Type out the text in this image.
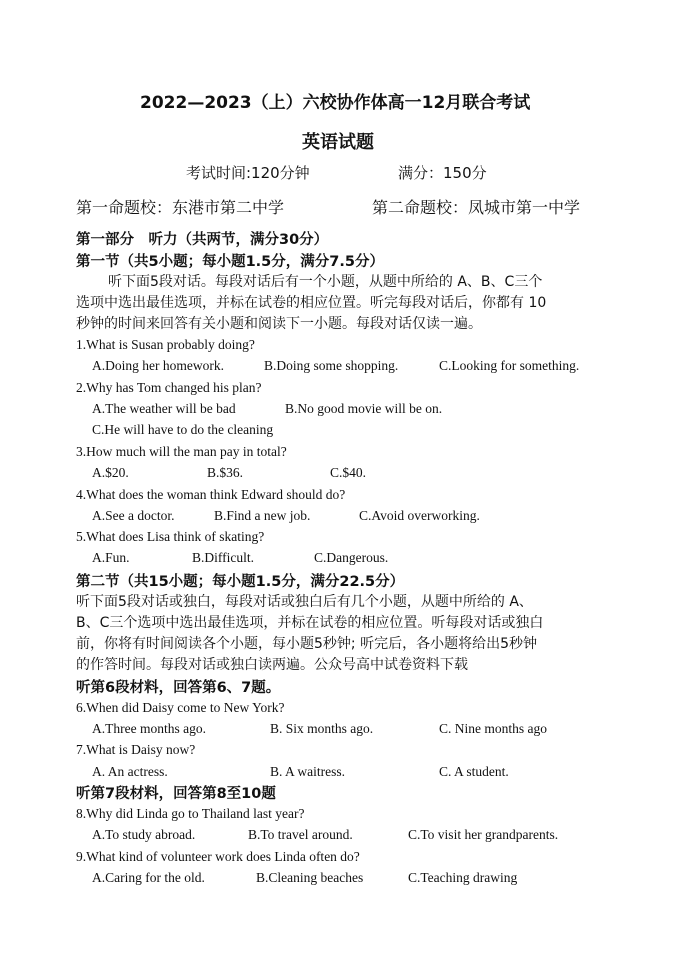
2022—2023（上）六校协作体高一12月联合考试
英语试题
考试时间:120分钟	满分：150分
第一命题校：东港市第二中学	第二命题校：凤城市第一中学
第一部分　听力（共两节，满分30分）
第一节（共5小题；每小题1.5分，满分7.5分）
听下面5段对话。每段对话后有一个小题，从题中所给的 A、B、C三个
选项中选出最佳选项，并标在试卷的相应位置。听完每段对话后，你都有 10
秒钟的时间来回答有关小题和阅读下一小题。每段对话仅读一遍。
1.What is Susan probably doing?
A.Doing her homework.	B.Doing some shopping.	C.Looking for something.
2.Why has Tom changed his plan?
A.The weather will be bad	B.No good movie will be on.
C.He will have to do the cleaning
3.How much will the man pay in total?
A.$20.	B.$36.	C.$40.
4.What does the woman think Edward should do?
A.See a doctor.	B.Find a new job.	C.Avoid overworking.
5.What does Lisa think of skating?
A.Fun.	B.Difficult.	C.Dangerous.
第二节（共15小题；每小题1.5分，满分22.5分）
听下面5段对话或独白，每段对话或独白后有几个小题，从题中所给的 A、
B、C三个选项中选出最佳选项，并标在试卷的相应位置。听每段对话或独白
前，你将有时间阅读各个小题，每小题5秒钟; 听完后，各小题将给出5秒钟
的作答时间。每段对话或独白读两遍。公众号高中试卷资料下载
听第6段材料，回答第6、7题。
6.When did Daisy come to New York?
A.Three months ago.	B. Six months ago.	C. Nine months ago
7.What is Daisy now?
A. An actress.	B. A waitress.	C. A student.
听第7段材料，回答第8至10题
8.Why did Linda go to Thailand last year?
A.To study abroad.	B.To travel around.	C.To visit her grandparents.
9.What kind of volunteer work does Linda often do?
A.Caring for the old.	B.Cleaning beaches	C.Teaching drawing
